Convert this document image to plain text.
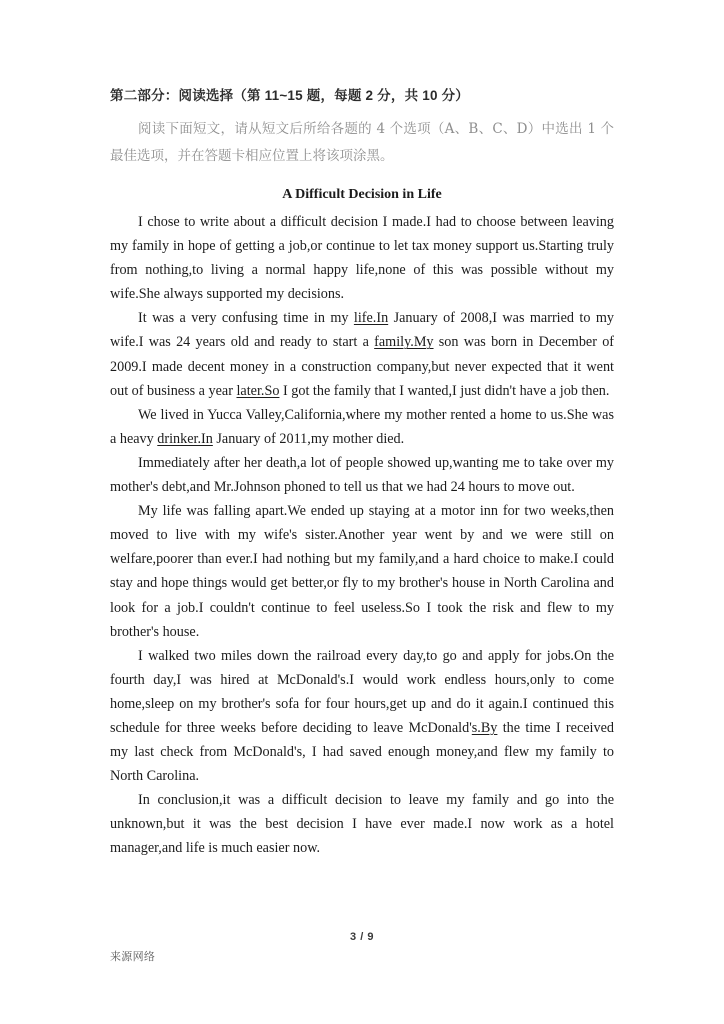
第二部分：阅读选择（第 11~15 题，每题 2 分，共 10 分）

阅读下面短文，请从短文后所给各题的 4 个选项（A、B、C、D）中选出 1 个最佳选项，并在答题卡相应位置上将该项涂黑。

A Difficult Decision in Life

I chose to write about a difficult decision I made.I had to choose between leaving my family in hope of getting a job,or continue to let tax money support us.Starting truly from nothing,to living a normal happy life,none of this was possible without my wife.She always supported my decisions.

It was a very confusing time in my life.In January of 2008,I was married to my wife.I was 24 years old and ready to start a family.My son was born in December of 2009.I made decent money in a construction company,but never expected that it went out of business a year later.So I got the family that I wanted,I just didn't have a job then.

We lived in Yucca Valley,California,where my mother rented a home to us.She was a heavy drinker.In January of 2011,my mother died.

Immediately after her death,a lot of people showed up,wanting me to take over my mother's debt,and Mr.Johnson phoned to tell us that we had 24 hours to move out.

My life was falling apart.We ended up staying at a motor inn for two weeks,then moved to live with my wife's sister.Another year went by and we were still on welfare,poorer than ever.I had nothing but my family,and a hard choice to make.I could stay and hope things would get better,or fly to my brother's house in North Carolina and look for a job.I couldn't continue to feel useless.So I took the risk and flew to my brother's house.

I walked two miles down the railroad every day,to go and apply for jobs.On the fourth day,I was hired at McDonald's.I would work endless hours,only to come home,sleep on my brother's sofa for four hours,get up and do it again.I continued this schedule for three weeks before deciding to leave McDonald's.By the time I received my last check from McDonald's, I had saved enough money,and flew my family to North Carolina.

In conclusion,it was a difficult decision to leave my family and go into the unknown,but it was the best decision I have ever made.I now work as a hotel manager,and life is much easier now.

3 / 9
来源网络
